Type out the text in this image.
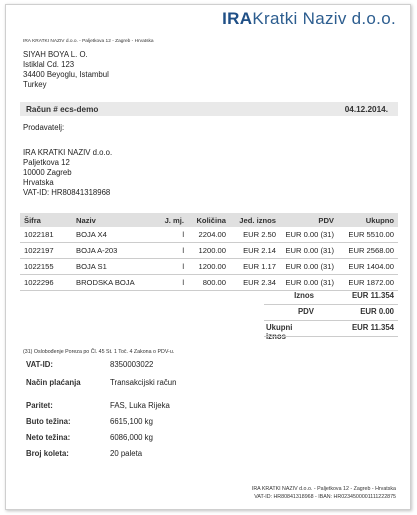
IRAKratki Naziv d.o.o.
IRA KRATKI NAZIV d.o.o. - Paljetkova 12 - Zagreb - Hrvatska
SIYAH BOYA L. O.
Istiklal Cd. 123
34400 Beyoglu, Istambul
Turkey
Račun # ecs-demo	04.12.2014.
Prodavatelj:
IRA KRATKI NAZIV d.o.o.
Paljetkova 12
10000 Zagreb
Hrvatska
VAT-ID: HR80841318968
Šifra	Naziv	J. mj.	Količina	Jed. iznos	PDV	Ukupno
1022181	BOJA X4	l	2204.00	EUR 2.50	EUR 0.00 (31)	EUR 5510.00
1022197	BOJA A-203	l	1200.00	EUR 2.14	EUR 0.00 (31)	EUR 2568.00
1022155	BOJA S1	l	1200.00	EUR 1.17	EUR 0.00 (31)	EUR 1404.00
1022296	BRODSKA BOJA	l	800.00	EUR 2.34	EUR 0.00 (31)	EUR 1872.00
Iznos	EUR 11.354
PDV	EUR 0.00
Ukupni	EUR 11.354
(31) Oslobođenje Poreza po Čl. 45 St. 1 Toč. 4 Zakona o PDV-u.
VAT-ID:	8350003022
Način plaćanja	Transakcijski račun
Paritet:	FAS, Luka Rijeka
Buto težina:	6615,100 kg
Neto težina:	6086,000 kg
Broj koleta:	20 paleta
IRA KRATKI NAZIV d.o.o. - Paljetkova 12 - Zagreb - Hrvatska
VAT-ID: HR80841318968 - IBAN: HR0234500001111222875
